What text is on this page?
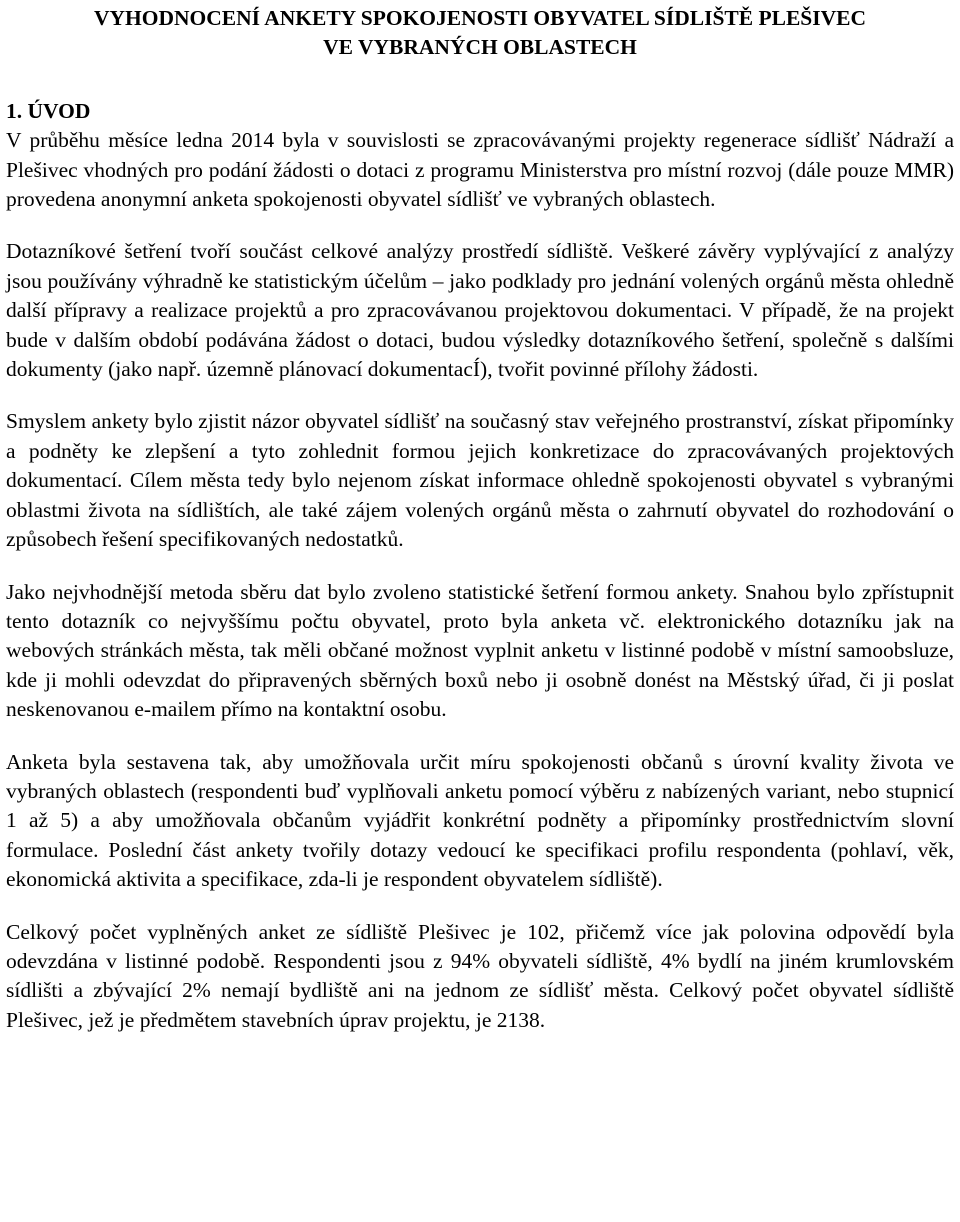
VYHODNOCENÍ ANKETY SPOKOJENOSTI OBYVATEL SÍDLIŠTĚ PLEŠIVEC
VE VYBRANÝCH OBLASTECH
1. ÚVOD

V průběhu měsíce ledna 2014 byla v souvislosti se zpracovávanými projekty regenerace sídlišť Nádraží a Plešivec vhodných pro podání žádosti o dotaci z programu Ministerstva pro místní rozvoj (dále pouze MMR) provedena anonymní anketa spokojenosti obyvatel sídlišť ve vybraných oblastech.

Dotazníkové šetření tvoří součást celkové analýzy prostředí sídliště. Veškeré závěry vyplývající z analýzy jsou používány výhradně ke statistickým účelům – jako podklady pro jednání volených orgánů města ohledně další přípravy a realizace projektů a pro zpracovávanou projektovou dokumentaci. V případě, že na projekt bude v dalším období podávána žádost o dotaci, budou výsledky dotazníkového šetření, společně s dalšími dokumenty (jako např. územně plánovací dokumentacÍ), tvořit povinné přílohy žádosti.

Smyslem ankety bylo zjistit názor obyvatel sídlišť na současný stav veřejného prostranství, získat připomínky a podněty ke zlepšení a tyto zohlednit formou jejich konkretizace do zpracovávaných projektových dokumentací. Cílem města tedy bylo nejenom získat informace ohledně spokojenosti obyvatel s vybranými oblastmi života na sídlištích, ale také zájem volených orgánů města o zahrnutí obyvatel do rozhodování o způsobech řešení specifikovaných nedostatků.

Jako nejvhodnější metoda sběru dat bylo zvoleno statistické šetření formou ankety. Snahou bylo zpřístupnit tento dotazník co nejvyššímu počtu obyvatel, proto byla anketa vč. elektronického dotazníku jak na webových stránkách města, tak měli občané možnost vyplnit anketu v listinné podobě v místní samoobsluze, kde ji mohli odevzdat do připravených sběrných boxů nebo ji osobně donést na Městský úřad, či ji poslat neskenovanou e-mailem přímo na kontaktní osobu.

Anketa byla sestavena tak, aby umožňovala určit míru spokojenosti občanů s úrovní kvality života ve vybraných oblastech (respondenti buď vyplňovali anketu pomocí výběru z nabízených variant, nebo stupnicí 1 až 5) a aby umožňovala občanům vyjádřit konkrétní podněty a připomínky prostřednictvím slovní formulace. Poslední část ankety tvořily dotazy vedoucí ke specifikaci profilu respondenta (pohlaví, věk, ekonomická aktivita a specifikace, zda-li je respondent obyvatelem sídliště).

Celkový počet vyplněných anket ze sídliště Plešivec je 102, přičemž více jak polovina odpovědí byla odevzdána v listinné podobě. Respondenti jsou z 94% obyvateli sídliště, 4% bydlí na jiném krumlovském sídlišti a zbývající 2% nemají bydliště ani na jednom ze sídlišť města. Celkový počet obyvatel sídliště Plešivec, jež je předmětem stavebních úprav projektu, je 2138.
